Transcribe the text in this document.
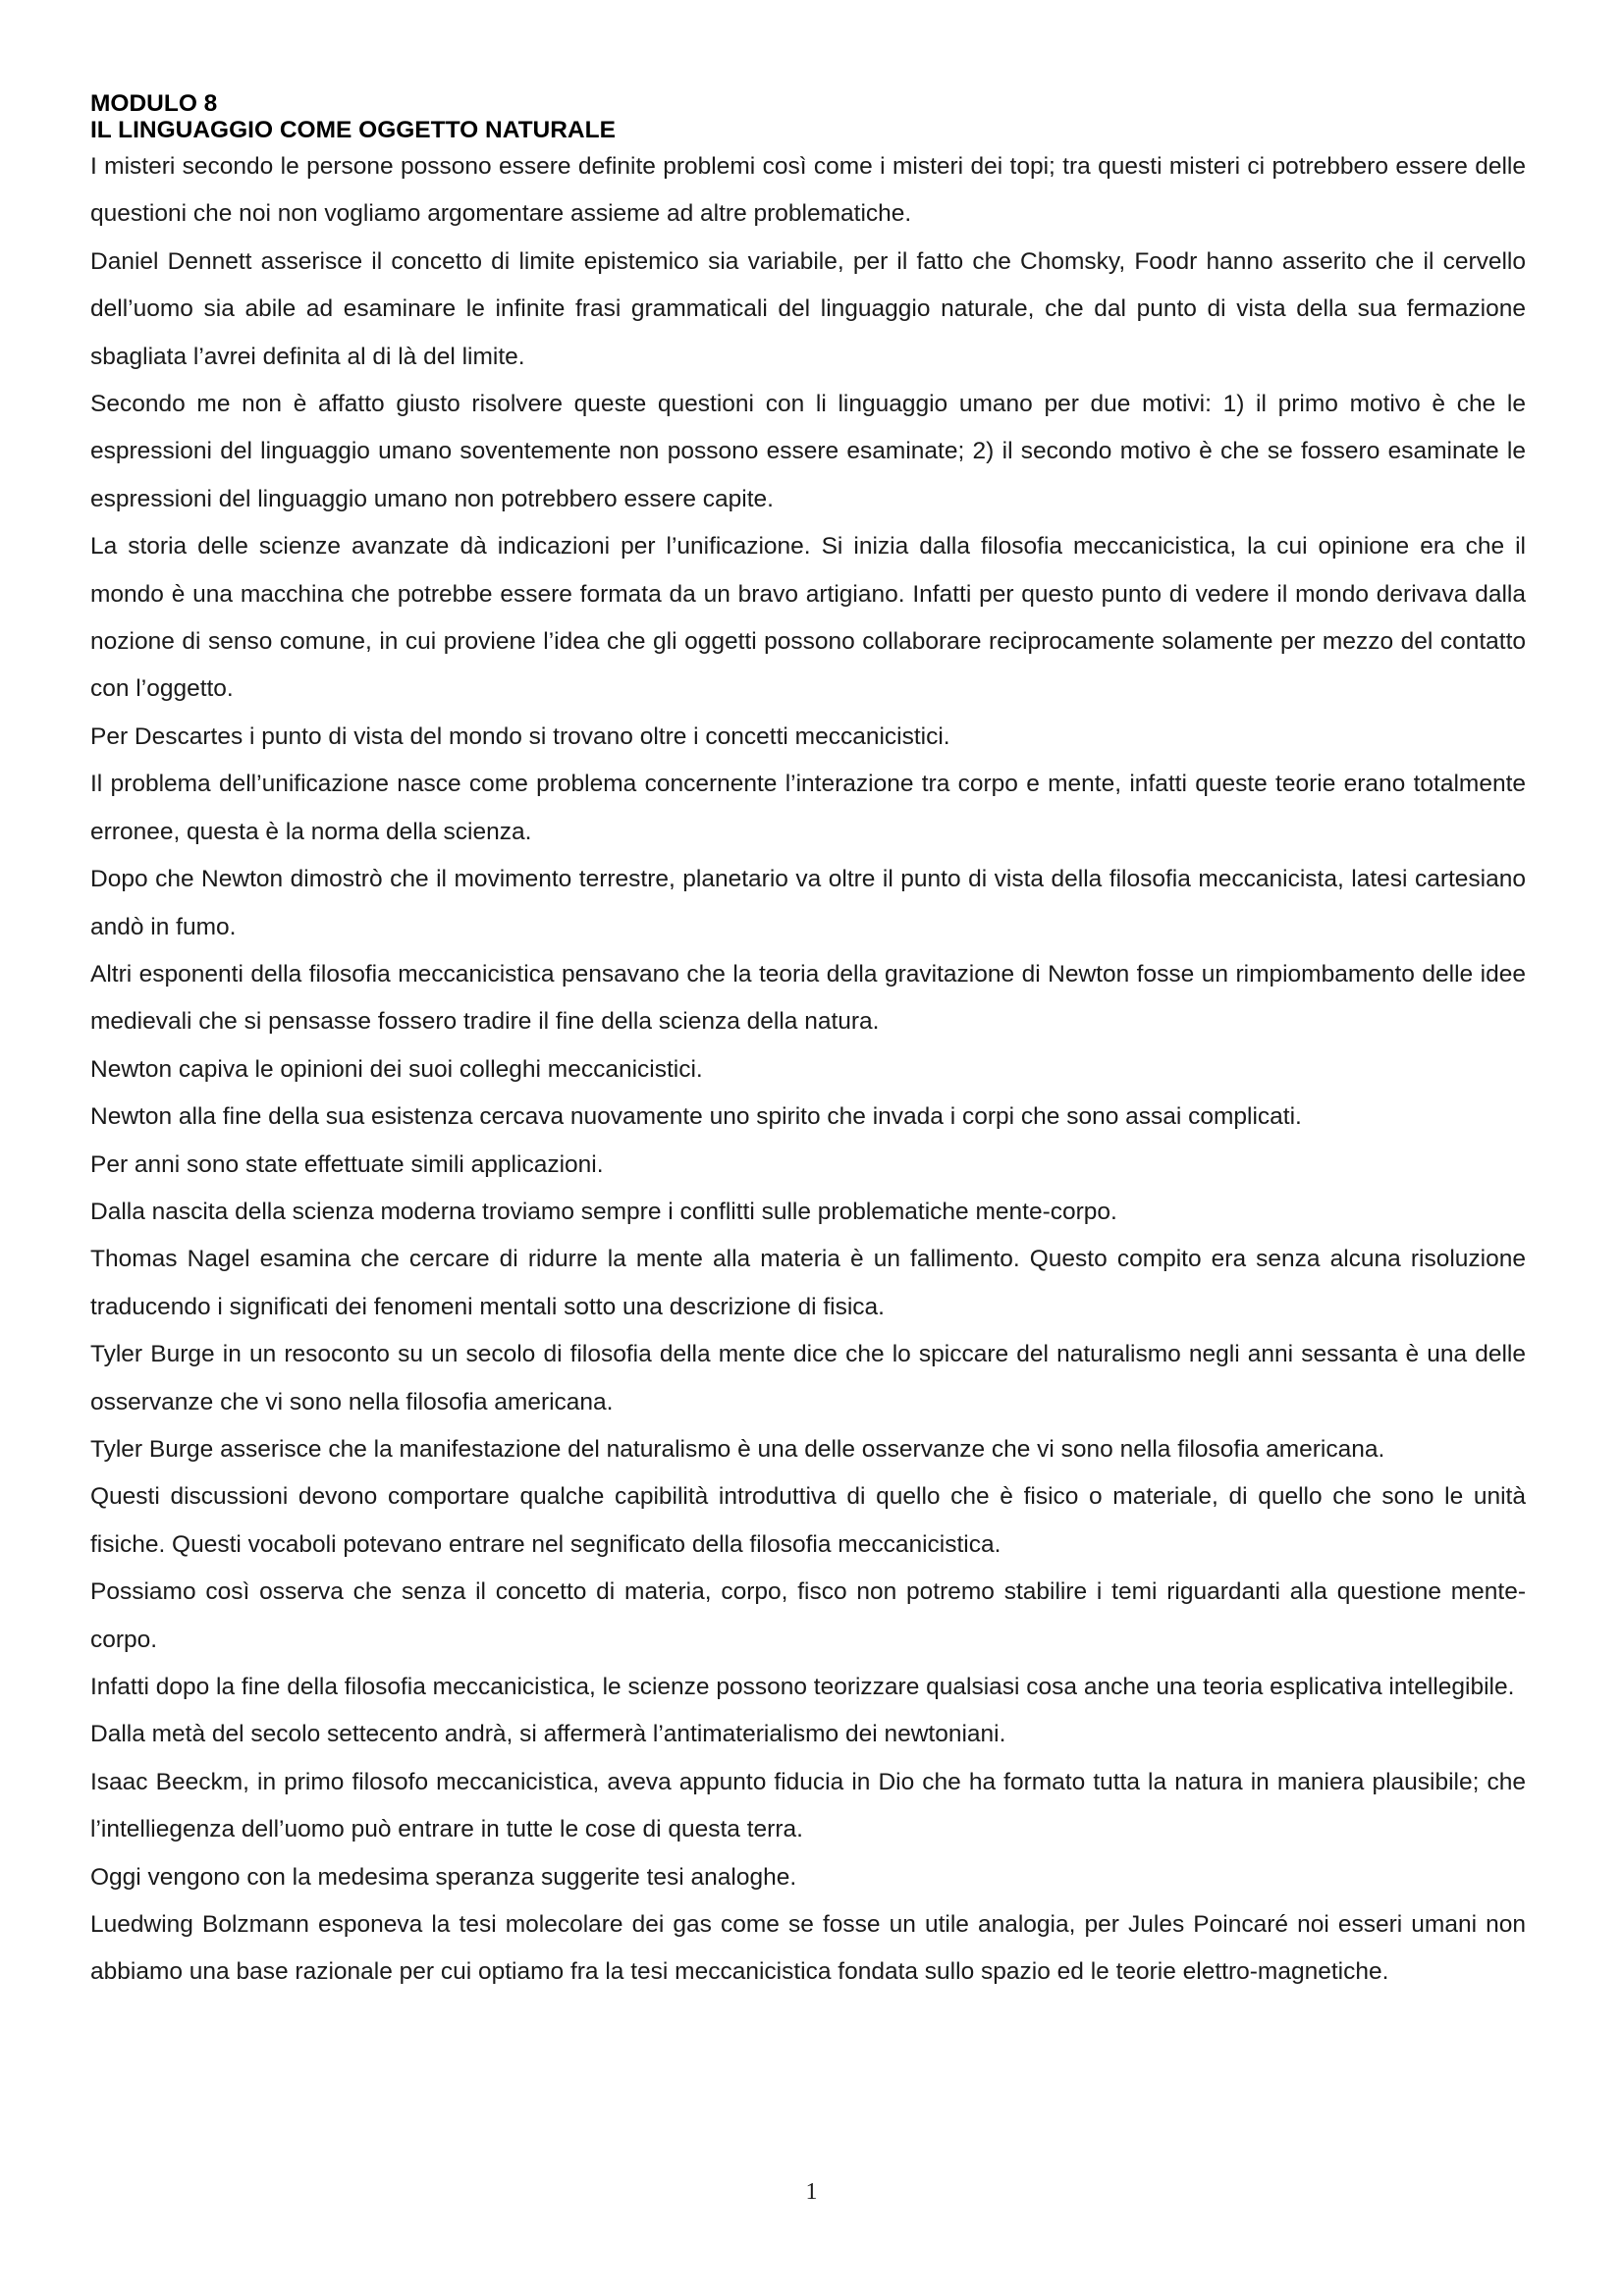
MODULO 8
IL LINGUAGGIO COME OGGETTO NATURALE

I misteri secondo le persone possono essere definite problemi così come i misteri dei topi; tra questi misteri ci potrebbero essere delle questioni che noi non vogliamo argomentare assieme ad altre problematiche.

Daniel Dennett asserisce il concetto di limite epistemico sia variabile, per il fatto che Chomsky, Foodr hanno asserito che il cervello dell’uomo sia abile ad esaminare le infinite frasi grammaticali del linguaggio naturale, che dal punto di vista della sua fermazione sbagliata l’avrei definita al di là del limite.

Secondo me non è affatto giusto risolvere queste questioni con li linguaggio umano per due motivi: 1) il primo motivo è che le espressioni del linguaggio umano soventemente non possono essere esaminate; 2) il secondo motivo è che se fossero esaminate le espressioni del linguaggio umano non potrebbero essere capite.

La storia delle scienze avanzate dà indicazioni per l’unificazione. Si inizia dalla filosofia meccanicistica, la cui opinione era che il mondo è una macchina che potrebbe essere formata da un bravo artigiano. Infatti per questo punto di vedere il mondo derivava dalla nozione di senso comune, in cui proviene l’idea che gli oggetti possono collaborare reciprocamente solamente per mezzo del contatto con l’oggetto.

Per Descartes i punto di vista del mondo si trovano oltre i concetti meccanicistici.

Il problema dell’unificazione nasce come problema concernente l’interazione tra corpo e mente, infatti queste teorie erano totalmente erronee, questa è la norma della scienza.

Dopo che Newton dimostrò che il movimento terrestre, planetario va oltre il punto di vista della filosofia meccanicista, latesi cartesiano andò in fumo.

Altri esponenti della filosofia meccanicistica pensavano che la teoria della gravitazione di Newton fosse un rimpiombamento delle idee medievali che si pensasse fossero tradire il fine della scienza della natura.

Newton capiva le opinioni dei suoi colleghi meccanicistici.

Newton alla fine della sua esistenza cercava nuovamente uno spirito che invada i corpi che sono assai complicati.

Per anni sono state effettuate simili applicazioni.

Dalla nascita della scienza moderna troviamo sempre i conflitti sulle problematiche mente-corpo.

Thomas Nagel esamina che cercare di ridurre la mente alla materia è un fallimento. Questo compito era senza alcuna risoluzione traducendo i significati dei fenomeni mentali sotto una descrizione di fisica.

Tyler Burge in un resoconto su un secolo di filosofia della mente dice che lo spiccare del naturalismo negli anni sessanta è una delle osservanze che vi sono nella filosofia americana.

Tyler Burge asserisce che la manifestazione del naturalismo è una delle osservanze che vi sono nella filosofia americana.

Questi discussioni devono comportare qualche capibilità introduttiva di quello che è fisico o materiale, di quello che sono le unità fisiche. Questi vocaboli potevano entrare nel segnificato della filosofia meccanicistica.

Possiamo così osserva che senza il concetto di materia, corpo, fisco non potremo stabilire i temi riguardanti alla questione mente-corpo.

Infatti dopo la fine della filosofia meccanicistica, le scienze possono teorizzare qualsiasi cosa anche una teoria esplicativa intellegibile.

Dalla metà del secolo settecento andrà, si affermerà l’antimaterialismo dei newtoniani.

Isaac Beeckm, in primo filosofo meccanicistica, aveva appunto fiducia in Dio che ha formato tutta la natura in maniera plausibile; che l’intelliegenza dell’uomo può entrare in tutte le cose di questa terra.

Oggi vengono con la medesima speranza suggerite tesi analoghe.

Luedwing Bolzmann esponeva la tesi molecolare dei gas come se fosse un utile analogia, per Jules Poincaré noi esseri umani non abbiamo una base razionale per cui optiamo fra la tesi meccanicistica fondata sullo spazio ed le teorie elettro-magnetiche.

1
